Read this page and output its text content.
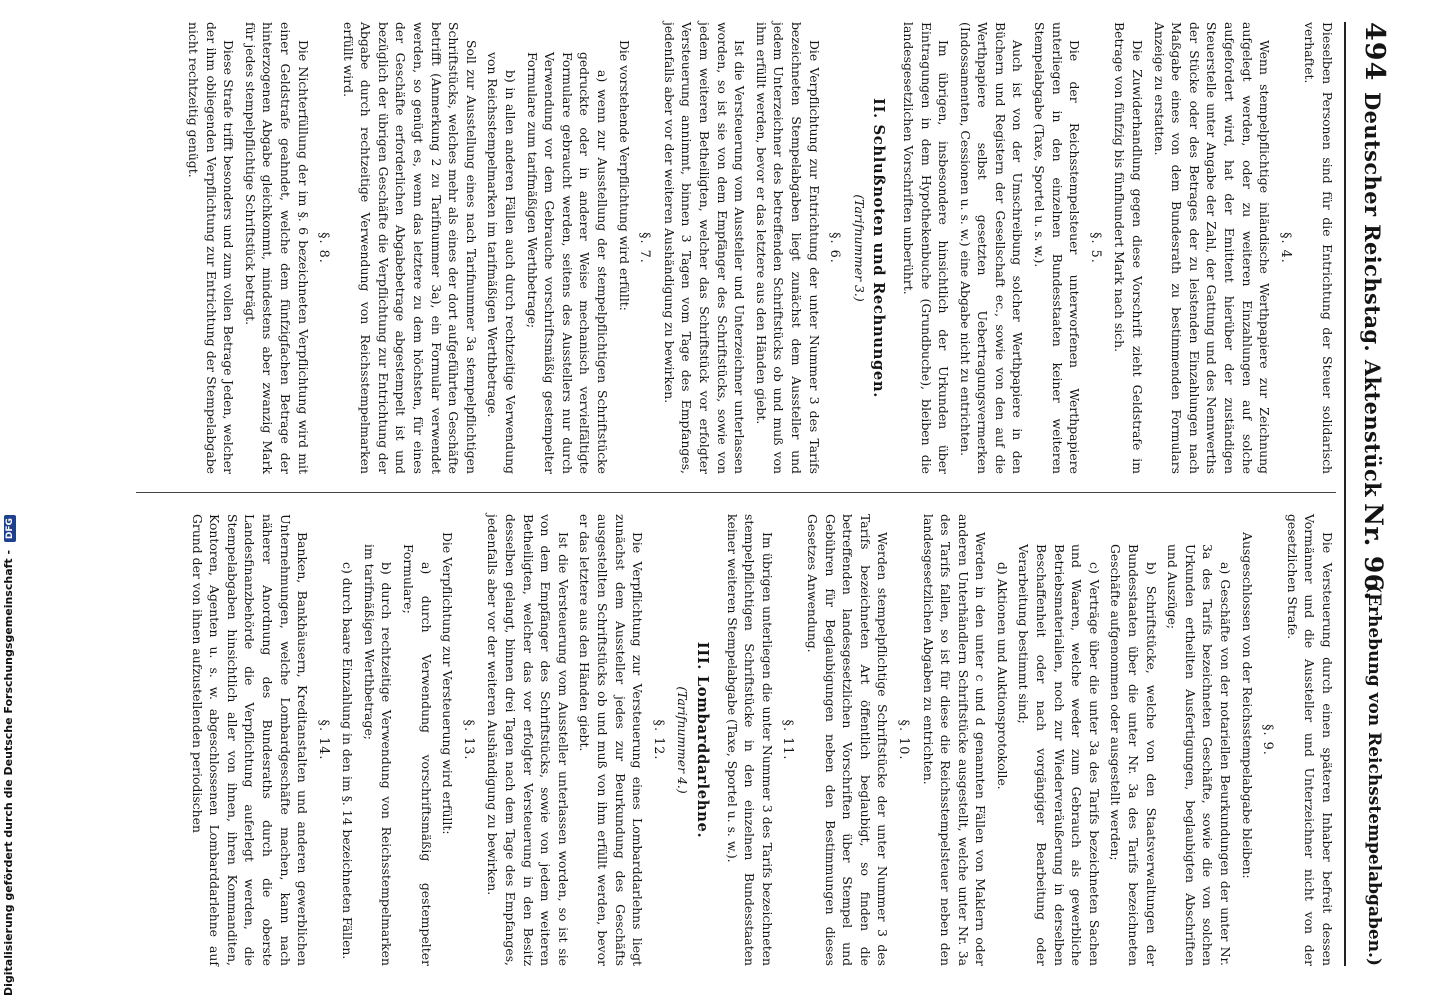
494
Deutscher Reichstag. AktenstückNr. 96.
(Erhebung von Reichsstempelabgaben.)

Dieselben Personen sind für die Entrichtung der Steuer solidarisch verhaftet.

§. 4.

Wenn stempelpflichtige inländische Werthpapiere zur Zeichnung aufgelegt werden, oder zu weiteren Einzahlungen auf solche aufgefordert wird, hat der Emittent hierüber der zuständigen Steuerstelle unter Angabe der Zahl, der Gattung und des Nennwerths der Stücke oder des Betrages der zu leistenden Einzahlungen nach Maßgabe eines von dem Bundesrath zu bestimmenden Formulars Anzeige zu erstatten.

Die Zuwiderhandlung gegen diese Vorschrift zieht Geldstrafe im Betrage von fünfzig bis fünfhundert Mark nach sich.

§. 5.

Die der Reichsstempelsteuer unterworfenen Werthpapiere unterliegen in den einzelnen Bundesstaaten keiner weiteren Stempelabgabe (Taxe, Sportel u. s. w.).

Auch ist von der Umschreibung solcher Werthpapiere in den Büchern und Registern der Gesellschaft ec., sowie von den auf die Werthpapiere selbst gesetzten Uebertragungsvermerken (Indossamenten, Cessionen u. s. w.) eine Abgabe nicht zu entrichten.

Im übrigen, insbesondere hinsichtlich der Urkunden über Eintragungen in dem Hypothekenbuche (Grundbuche), bleiben die landesgesetzlichen Vorschriften unberührt.

II. Schlußnoten und Rechnungen.
(Tarifnummer 3.)
§. 6.

Die Verpflichtung zur Entrichtung der unter Nummer 3 des Tarifs bezeichneten Stempelabgaben liegt zunächst dem Aussteller und jedem Unterzeichner des betreffenden Schriftstücks ob und muß von ihm erfüllt werden, bevor er das letztere aus den Händen giebt.

Ist die Versteuerung vom Aussteller und Unterzeichner unterlassen worden, so ist sie von dem Empfänger des Schriftstücks, sowie von jedem weiteren Betheiligten, welcher das Schriftstück vor erfolgter Versteuerung annimmt, binnen 3 Tagen vom Tage des Empfanges, jedenfalls aber vor der weiteren Aushändigung zu bewirken.

§. 7.

Die vorstehende Verpflichtung wird erfüllt:

a) wenn zur Ausstellung der stempelpflichtigen Schriftstücke gedruckte oder in anderer Weise mechanisch vervielfältigte Formulare gebraucht werden, seitens des Ausstellers nur durch Verwendung vor dem Gebrauche vorschriftsmäßig gestempelter Formulare zum tarifmäßigen Werthbetrage;

b) in allen anderen Fällen auch durch rechtzeitige Verwendung von Reichsstempelmarken im tarifmäßigen Werthbetrage.

Soll zur Ausstellung eines nach Tarifnummer 3a stempelpflichtigen Schriftstücks, welches mehr als eines der dort aufgeführten Geschäfte betrifft (Anmerkung 2 zu Tarifnummer 3a), ein Formular verwendet werden, so genügt es, wenn das letztere zu dem höchsten, für eines der Geschäfte erforderlichen Abgabebetrage abgestempelt ist und bezüglich der übrigen Geschäfte die Verpflichtung zur Entrichtung der Abgabe durch rechtzeitige Verwendung von Reichsstempelmarken erfüllt wird.

§. 8.

Die Nichterfüllung der im §. 6 bezeichneten Verpflichtung wird mit einer Geldstrafe geahndet, welche dem fünfzigfachen Betrage der hinterzogenen Abgabe gleichkommt, mindestens aber zwanzig Mark für jedes stempelpflichtige Schriftstück beträgt.

Diese Strafe trifft besonders und zum vollen Betrage Jeden, welcher der ihm obliegenden Verpflichtung zur Entrichtung der Stempelabgabe nicht rechtzeitig genügt.

Die Versteuerung durch einen späteren Inhaber befreit dessen Vormänner und die Aussteller und Unterzeichner nicht von der gesetzlichen Strafe.

§. 9.

Ausgeschlossen von der Reichsstempelabgabe bleiben:

a) Geschäfte von der notariellen Beurkundungen der unter Nr. 3a des Tarifs bezeichneten Geschäfte, sowie die von solchen Urkunden ertheilten Ausfertigungen, beglaubigten Abschriften und Auszüge;

b) Schriftstücke, welche von den Staatsverwaltungen der Bundesstaaten über die unter Nr. 3a des Tarifs bezeichneten Geschäfte aufgenommen oder ausgestellt werden;

c) Verträge über die unter 3a des Tarifs bezeichneten Sachen und Waaren, welche weder zum Gebrauch als gewerbliche Betriebsmaterialien, noch zur Wiederveräußerung in derselben Beschaffenheit oder nach vorgängiger Bearbeitung oder Verarbeitung bestimmt sind;

d) Aktionen und Auktionsprotokolle.

Werden in den unter c und d genannten Fällen von Maklern oder anderen Unterhändlern Schriftstücke ausgestellt, welche unter Nr. 3a des Tarifs fallen, so ist für diese die Reichsstempelsteuer neben den landesgesetzlichen Abgaben zu entrichten.

§. 10.

Werden stempelpflichtige Schriftstücke der unter Nummer 3 des Tarifs bezeichneten Art öffentlich beglaubigt, so finden die betreffenden landesgesetzlichen Vorschriften über Stempel und Gebühren für Beglaubigungen neben den Bestimmungen dieses Gesetzes Anwendung.

§. 11.

Im übrigen unterliegen die unter Nummer 3 des Tarifs bezeichneten stempelpflichtigen Schriftstücke in den einzelnen Bundesstaaten keiner weiteren Stempelabgabe (Taxe, Sportel u. s. w.).

III. Lombarddarlehne.
(Tarifnummer 4.)
§. 12.

Die Verpflichtung zur Versteuerung eines Lombarddarlehns liegt zunächst dem Aussteller jedes zur Beurkundung des Geschäfts ausgestellten Schriftstücks ob und muß von ihm erfüllt werden, bevor er das letztere aus den Händen giebt.

Ist die Versteuerung vom Aussteller unterlassen worden, so ist sie von dem Empfänger des Schriftstücks, sowie von jedem weiteren Betheiligten, welcher das vor erfolgter Versteuerung in den Besitz desselben gelangt, binnen drei Tagen nach dem Tage des Empfanges, jedenfalls aber vor der weiteren Aushändigung zu bewirken.

§. 13.

Die Verpflichtung zur Versteuerung wird erfüllt:

a) durch Verwendung vorschriftsmäßig gestempelter Formulare;

b) durch rechtzeitige Verwendung von Reichsstempelmarken im tarifmäßigen Werthbetrage;

c) durch baare Einzahlung in den im §. 14 bezeichneten Fällen.

§. 14.

Banken, Bankhäusern, Kreditanstalten und anderen gewerblichen Unternehmungen, welche Lombardgeschäfte machen, kann nach näherer Anordnung des Bundesraths durch die oberste Landesfinanzbehörde die Verpflichtung auferlegt werden, die Stempelabgaben hinsichtlich aller von ihnen, ihren Kommanditen, Kontoren, Agenten u. s. w. abgeschlossenen Lombarddarlehne auf Grund der von ihnen aufzustellenden periodischen

Digitalisierung gefördert durch die Deutsche Forschungsgemeinschaft - DFG
